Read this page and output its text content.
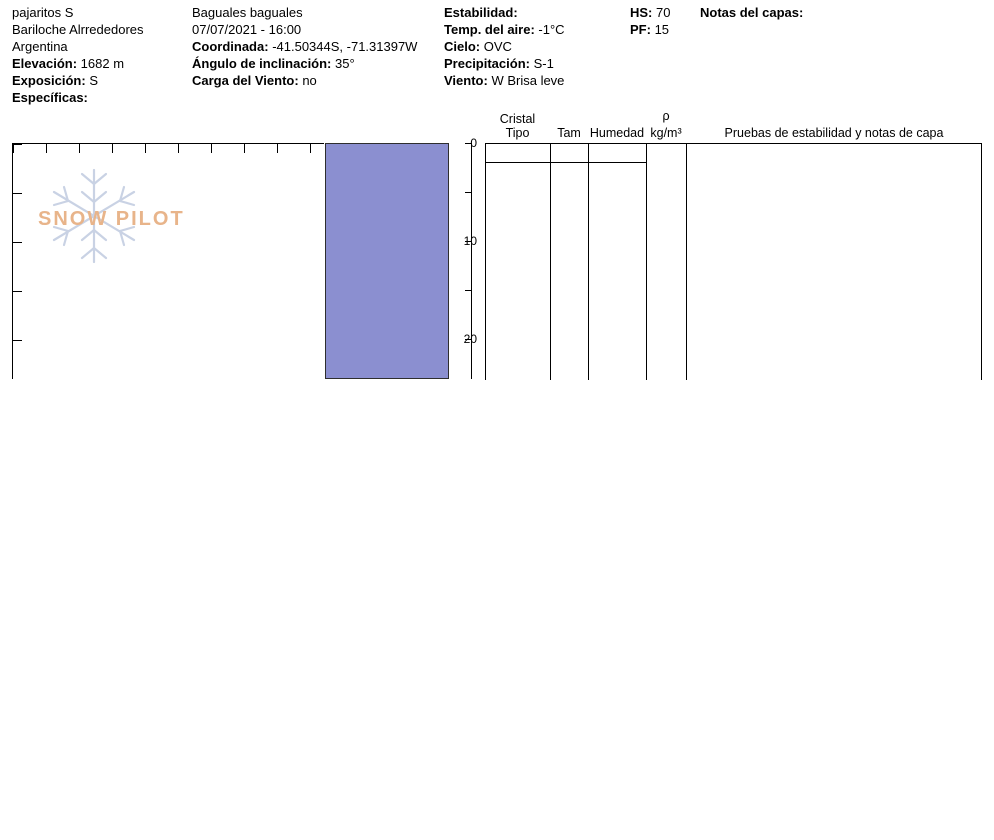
pajaritos S
Bariloche Alrrededores
Argentina
Elevación: 1682 m
Exposición: S
Específicas:
Baguales baguales
07/07/2021 - 16:00
Coordinada: -41.50344S, -71.31397W
Ángulo de inclinación: 35°
Carga del Viento: no
Estabilidad:
Temp. del aire: -1°C
Cielo: OVC
Precipitación: S-1
Viento: W Brisa leve
HS: 70
PF: 15
Notas del capas:
0
10
20
SNOW PILOT
Cristal
Tipo	Tam Humedad
ρ
kg/m³	Pruebas de estabilidad y notas de capa
